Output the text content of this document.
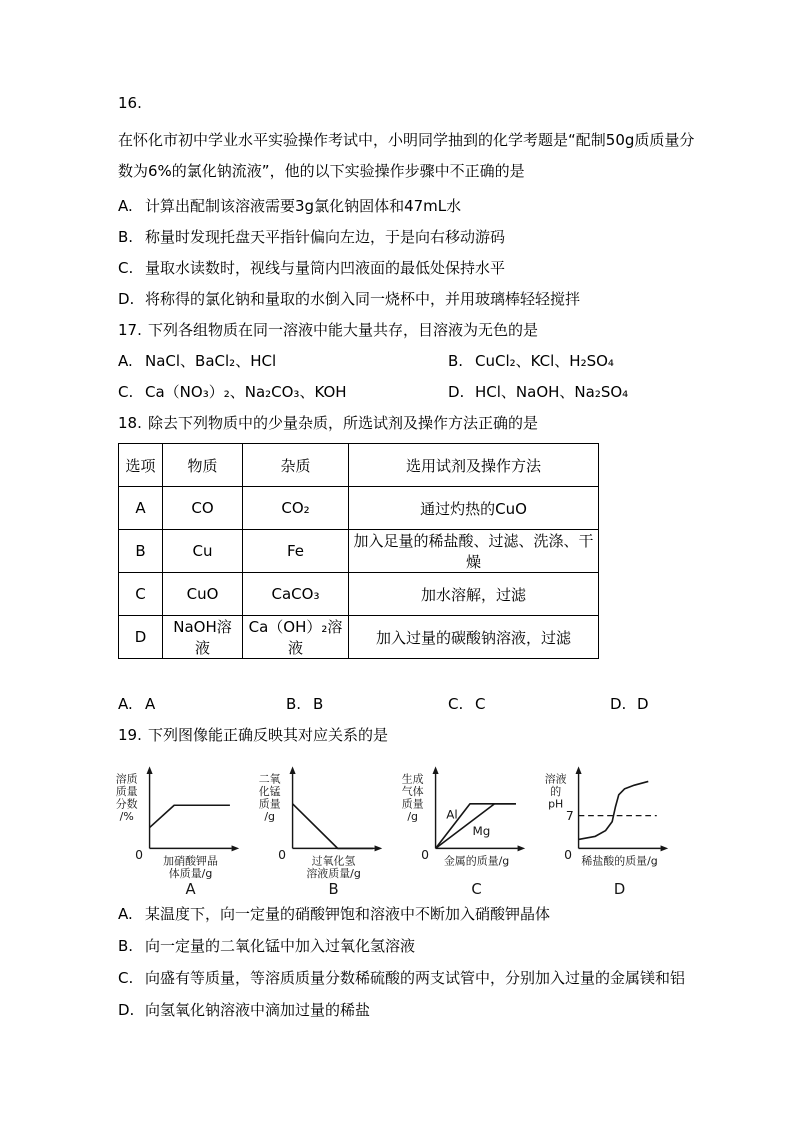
16.
在怀化市初中学业水平实验操作考试中，小明同学抽到的化学考题是“配制50g质质量分数为6%的氯化钠流液”，他的以下实验操作步骤中不正确的是
A. 计算出配制该溶液需要3g氯化钠固体和47mL水
B. 称量时发现托盘天平指针偏向左边，于是向右移动游码
C. 量取水读数时，视线与量筒内凹液面的最低处保持水平
D. 将称得的氯化钠和量取的水倒入同一烧杯中，并用玻璃棒轻轻搅拌
17. 下列各组物质在同一溶液中能大量共存，目溶液为无色的是
A. NaCl、BaCl₂、HCl	B. CuCl₂、KCl、H₂SO₄
C. Ca（NO₃）₂、Na₂CO₃、KOH	D. HCl、NaOH、Na₂SO₄
18. 除去下列物质中的少量杂质，所选试剂及操作方法正确的是
选项	物质	杂质	选用试剂及操作方法
A	CO	CO₂	通过灼热的CuO
B	Cu	Fe	加入足量的稀盐酸、过滤、洗涤、干燥
C	CuO	CaCO₃	加水溶解，过滤
D	NaOH溶液	Ca（OH）₂溶液	加入过量的碳酸钠溶液，过滤
A. A	B. B	C. C	D. D
19. 下列图像能正确反映其对应关系的是
0
溶质
质量
分数
/%
加硝酸钾晶
体质量/g
A
0
二氧
化锰
质量
/g
过氧化氢
溶液质量/g
B
0
生成
气体
质量
/g
金属的质量/g
Al
Mg
C
0
溶液
的
pH
稀盐酸的质量/g
7
D
A. 某温度下，向一定量的硝酸钾饱和溶液中不断加入硝酸钾晶体
B. 向一定量的二氧化锰中加入过氧化氢溶液
C. 向盛有等质量，等溶质质量分数稀硫酸的两支试管中，分别加入过量的金属镁和铝
D. 向氢氧化钠溶液中滴加过量的稀盐
